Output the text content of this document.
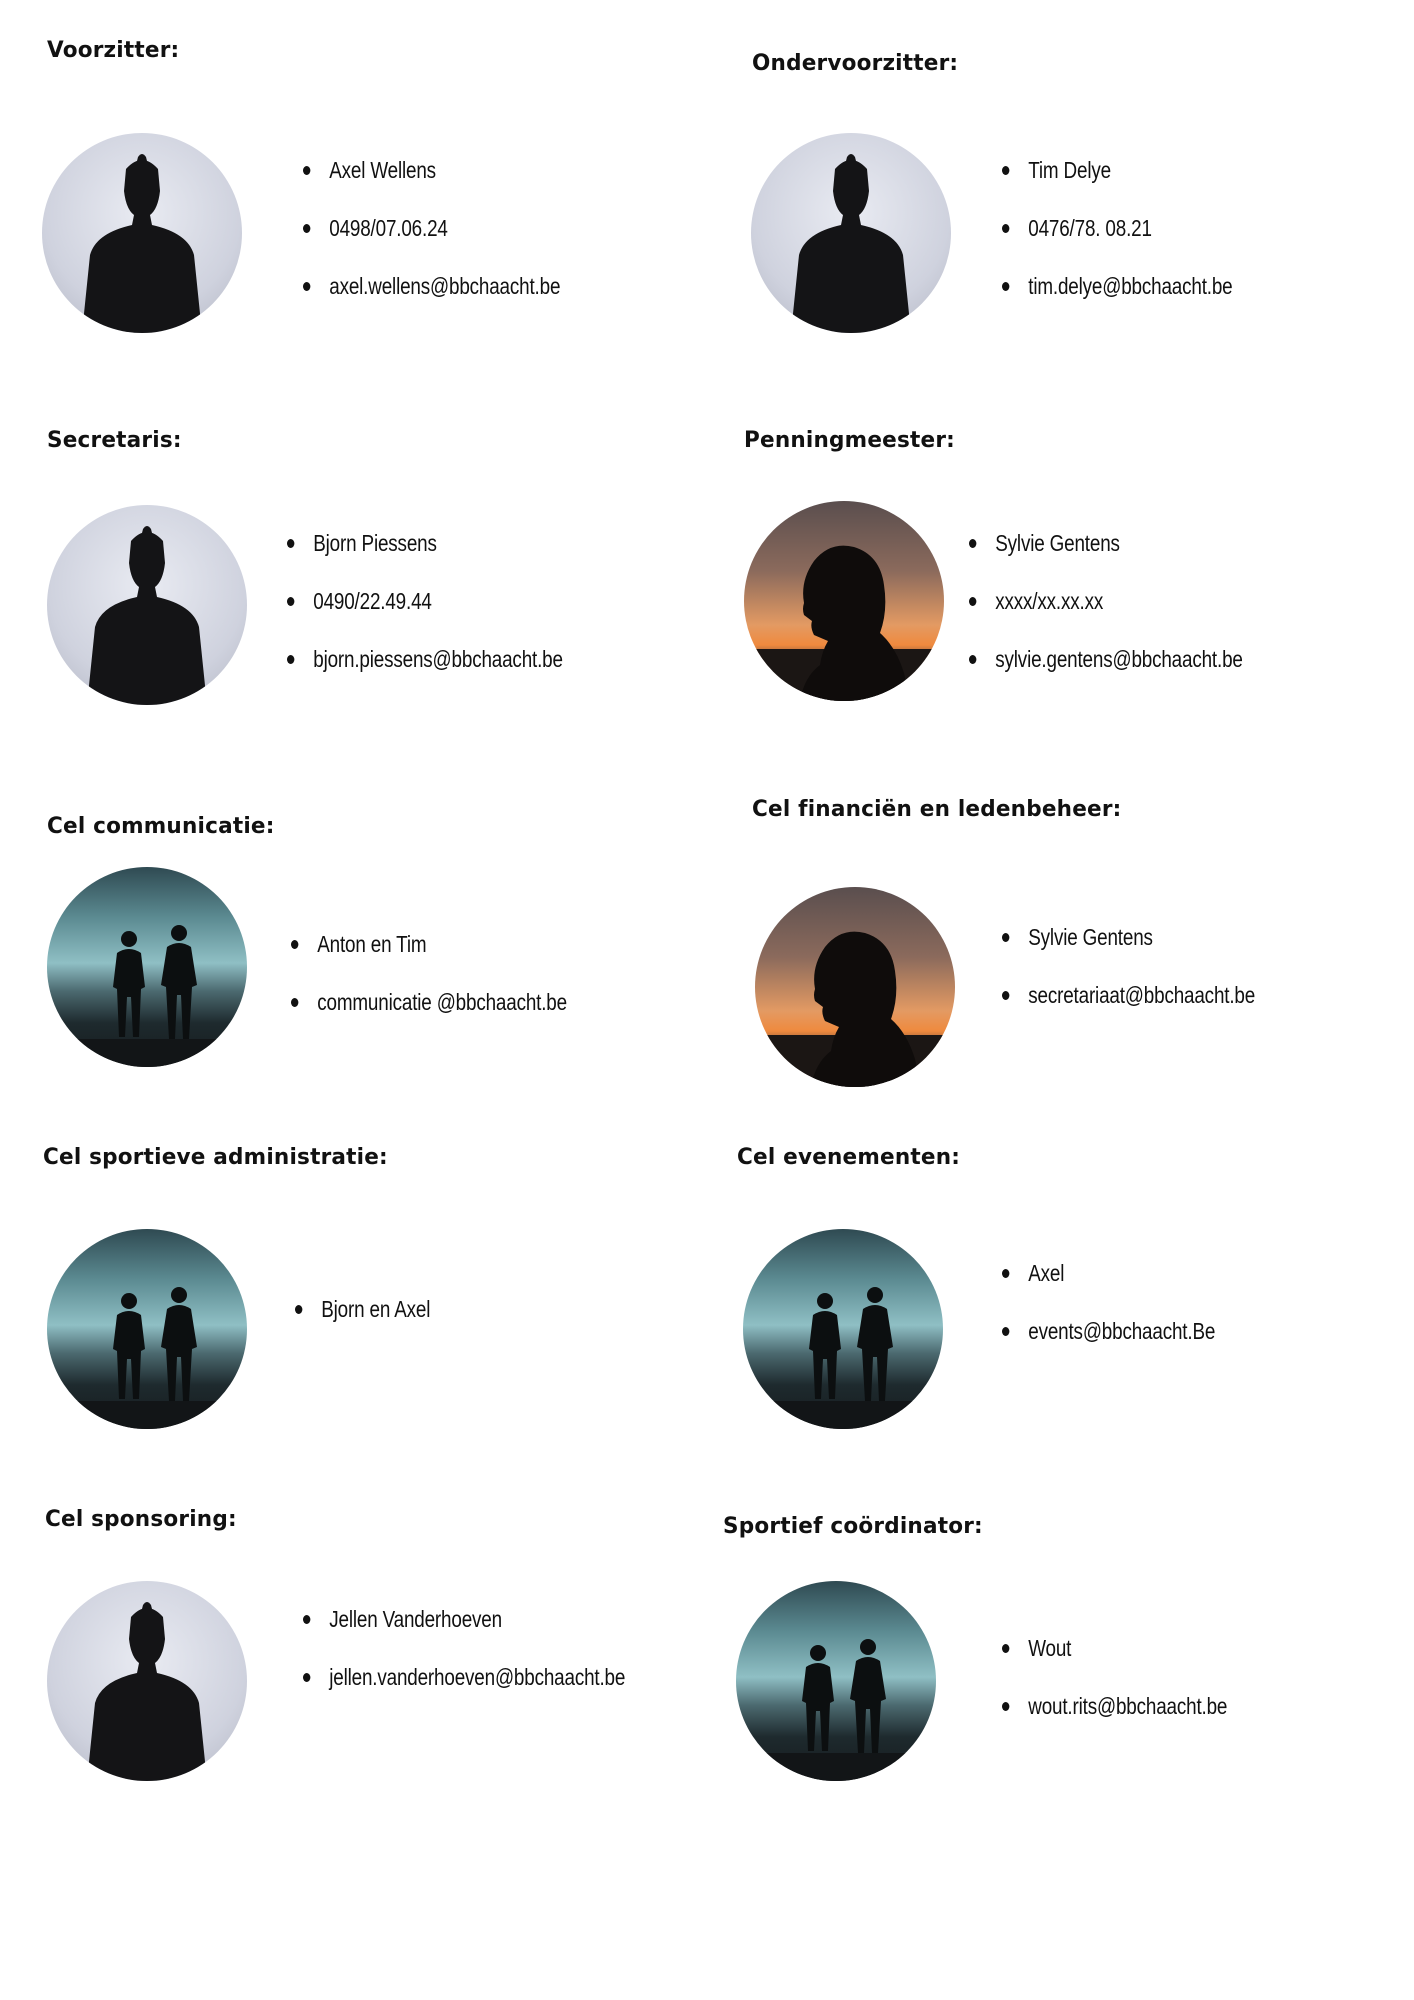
Voorzitter:
Axel Wellens
0498/07.06.24
axel.wellens@bbchaacht.be
Ondervoorzitter:
Tim Delye
0476/78. 08.21
tim.delye@bbchaacht.be
Secretaris:
Bjorn Piessens
0490/22.49.44
bjorn.piessens@bbchaacht.be
Penningmeester:
Sylvie Gentens
xxxx/xx.xx.xx
sylvie.gentens@bbchaacht.be
Cel communicatie:
Anton en Tim
communicatie @bbchaacht.be
Cel financiën en ledenbeheer:
Sylvie Gentens
secretariaat@bbchaacht.be
Cel sportieve administratie:
Bjorn en Axel
Cel evenementen:
Axel
events@bbchaacht.Be
Cel sponsoring:
Jellen Vanderhoeven
jellen.vanderhoeven@bbchaacht.be
Sportief coördinator:
Wout
wout.rits@bbchaacht.be
